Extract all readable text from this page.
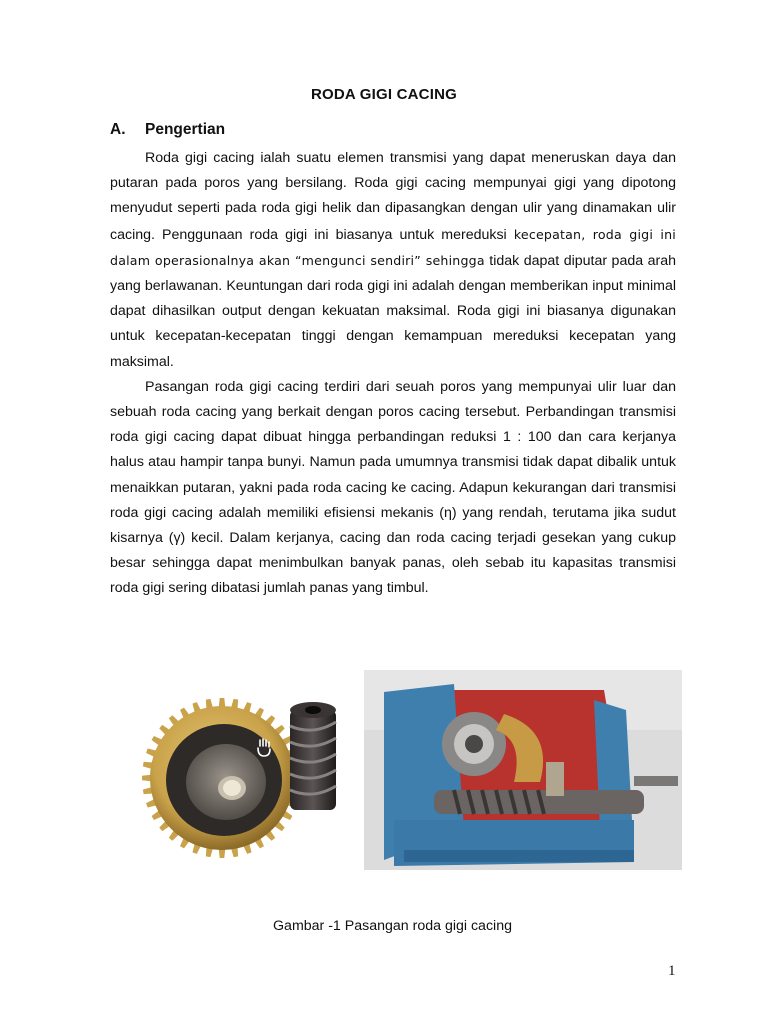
RODA GIGI CACING
A. Pengertian

Roda gigi cacing ialah suatu elemen transmisi yang dapat meneruskan daya dan putaran pada poros yang bersilang. Roda gigi cacing mempunyai gigi yang dipotong menyudut seperti pada roda gigi helik dan dipasangkan dengan ulir yang dinamakan ulir cacing. Penggunaan roda gigi ini biasanya untuk mereduksi kecepatan, roda gigi ini dalam operasionalnya akan “mengunci sendiri” sehingga tidak dapat diputar pada arah yang berlawanan. Keuntungan dari roda gigi ini adalah dengan memberikan input minimal dapat dihasilkan output dengan kekuatan maksimal. Roda gigi ini biasanya digunakan untuk kecepatan-kecepatan tinggi dengan kemampuan mereduksi kecepatan yang maksimal.

Pasangan roda gigi cacing terdiri dari seuah poros yang mempunyai ulir luar dan sebuah roda cacing yang berkait dengan poros cacing tersebut. Perbandingan transmisi roda gigi cacing dapat dibuat hingga perbandingan reduksi 1 : 100 dan cara kerjanya halus atau hampir tanpa bunyi. Namun pada umumnya transmisi tidak dapat dibalik untuk menaikkan putaran, yakni pada roda cacing ke cacing. Adapun kekurangan dari transmisi roda gigi cacing adalah memiliki efisiensi mekanis (η) yang rendah, terutama jika sudut kisarnya (γ) kecil. Dalam kerjanya, cacing dan roda cacing terjadi gesekan yang cukup besar sehingga dapat menimbulkan banyak panas, oleh sebab itu kapasitas transmisi roda gigi sering dibatasi jumlah panas yang timbul.

Gambar -1 Pasangan roda gigi cacing
1
